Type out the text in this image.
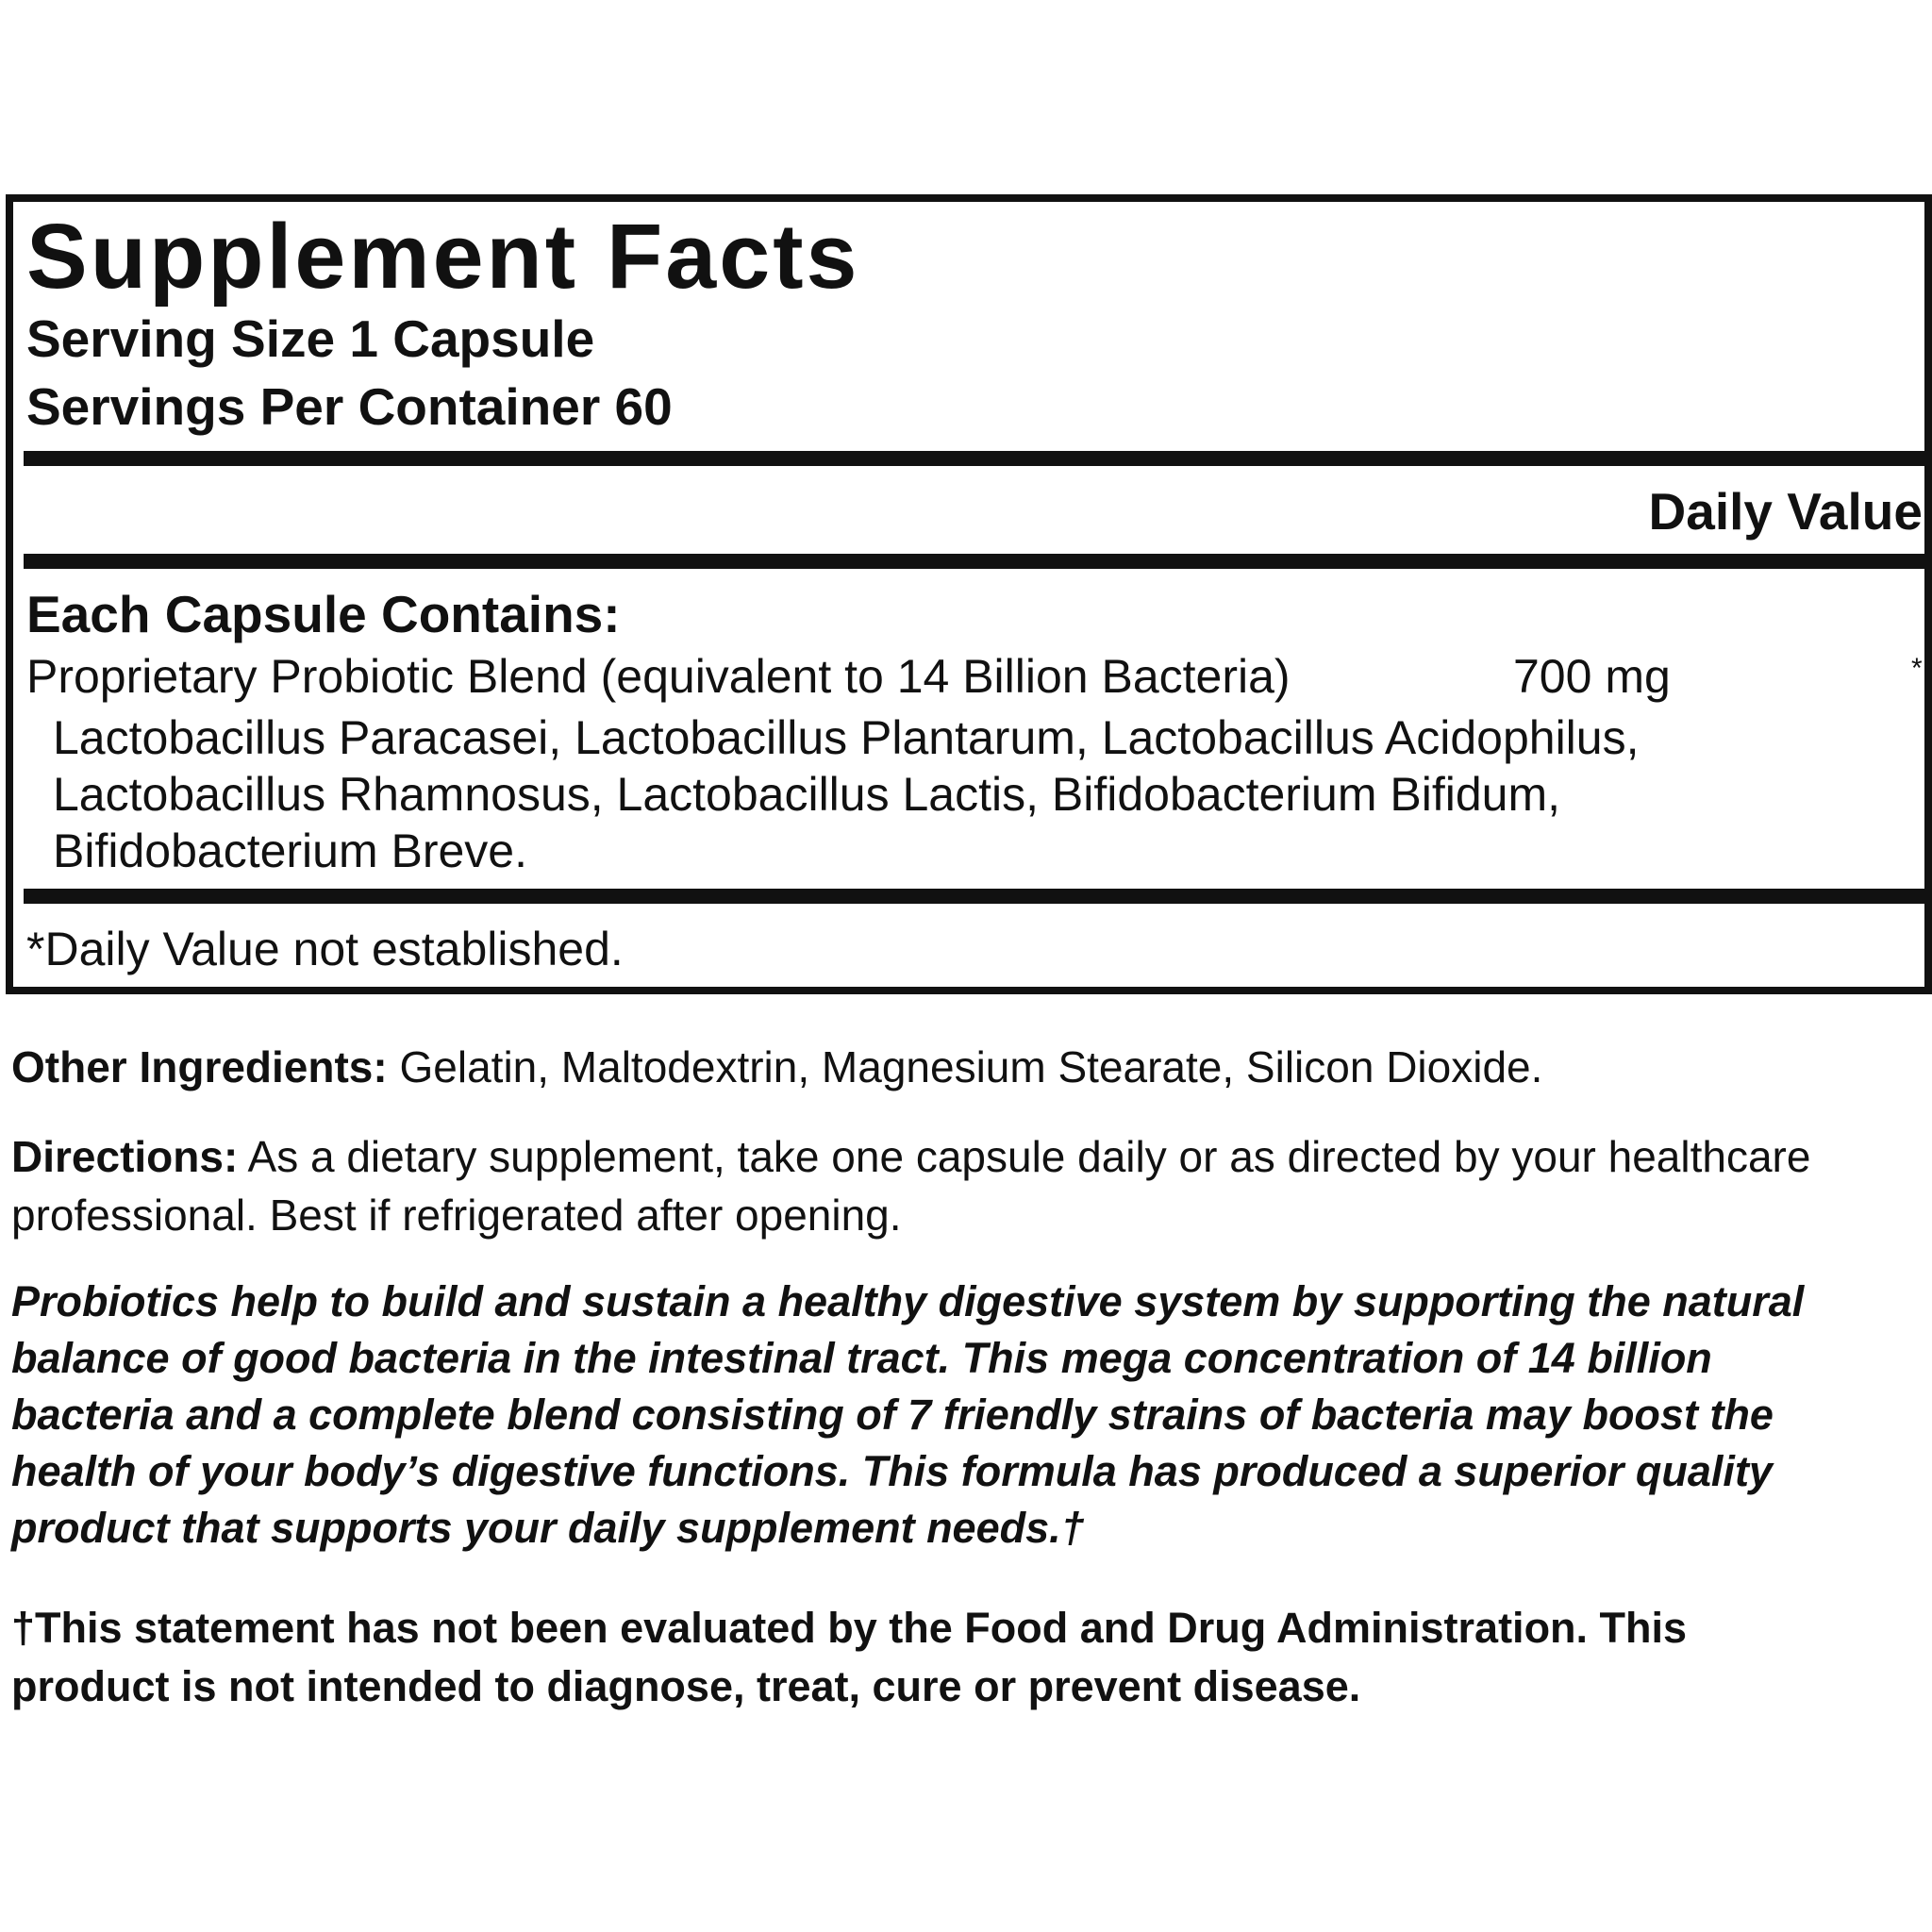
Supplement Facts
Serving Size 1 Capsule
Servings Per Container 60
Daily Value
Each Capsule Contains:
Proprietary Probiotic Blend (equivalent to 14 Billion Bacteria)	700 mg	*
Lactobacillus Paracasei, Lactobacillus Plantarum, Lactobacillus Acidophilus,
Lactobacillus Rhamnosus, Lactobacillus Lactis, Bifidobacterium Bifidum,
Bifidobacterium Breve.
*Daily Value not established.
Other Ingredients: Gelatin, Maltodextrin, Magnesium Stearate, Silicon Dioxide.
Directions: As a dietary supplement, take one capsule daily or as directed by your healthcare professional. Best if refrigerated after opening.
Probiotics help to build and sustain a healthy digestive system by supporting the natural
balance of good bacteria in the intestinal tract. This mega concentration of 14 billion
bacteria and a complete blend consisting of 7 friendly strains of bacteria may boost the
health of your body’s digestive functions. This formula has produced a superior quality
product that supports your daily supplement needs.†
†This statement has not been evaluated by the Food and Drug Administration. This
product is not intended to diagnose, treat, cure or prevent disease.
